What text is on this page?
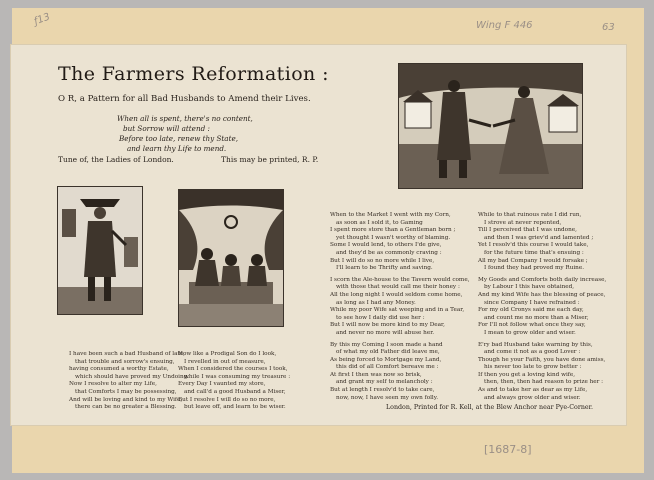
ƒ13	Wing F 446	63
[1687-8]
The Farmers Reformation :

O R, a Pattern for all Bad Husbands to Amend their Lives.

When all is spent, there's no content,
but Sorrow will attend :
Before too late, renew thy State,
and learn thy Life to mend.
Tune of, the Ladies of London.	This may be printed, R. P.
I have been such a bad Husband of late,
that trouble and sorrow's ensuing,
having consumed a worthy Estate,
which should have proved my Undoing.
Now I resolve to alter my Life,
that Comforts I may be possessing,
And will be loving and kind to my Wife,
there can be no greater a Blessing.
How like a Prodigal Son do I look,
I revelled in out of measure,
When I considered the courses I took,
while I was consuming my treasure :
Every Day I vaunted my store,
and call'd a good Husband a Miser,
But I resolve I will do so no more,
but leave off, and learn to be wiser.
When to the Market I went with my Corn,
as soon as I sold it, to Gaming
I spent more store than a Gentleman born ;
yet thought I wasn't worthy of blaming.
Some I would lend, to others I'de give,
and they'd be as commonly craving :
But I will do so no more while I live,
I'll learn to be Thrifty and saving.
I scorn the Ale-house to the Tavern would come,
with those that would call me their honey :
All the long night I would seldom come home,
as long as I had any Money.
While my poor Wife sat weeping and in a Tear,
to see how I daily did use her :
But I will now be more kind to my Dear,
and never no more will abuse her.
By this my Coming I soon made a hand
of what my old Father did leave me,
As being forced to Mortgage my Land,
this did of all Comfort bereave me :
At first I then was now so brisk,
and grant my self to melancholy :
But at length I resolv'd to take care,
now, now, I have seen my own folly.
While to that ruinous rate I did run,
I strove at never repented,
Till I perceived that I was undone,
and then I was griev'd and lamented ;
Yet I resolv'd this course I would take,
for the future time that's ensuing :
All my bad Company I would forsake ;
I found they had proved my Ruine.
My Goods and Comforts both daily increase,
by Labour I this have obtained,
And my kind Wife has the blessing of peace,
since Company I have refrained :
For my old Cronys said me each day,
and count me no more than a Miser,
For I'll not follow what once they say,
I mean to grow older and wiser.
E'ry bad Husband take warning by this,
and come it not as a good Lover :
Though he your Faith, you have done amiss,
his never too late to grow better :
If then you get a loving kind wife,
then, then, then had reason to prize her :
As and to take her as dear as my Life,
and always grow older and wiser.
London, Printed for R. Kell, at the Blew Anchor near Pye-Corner.
